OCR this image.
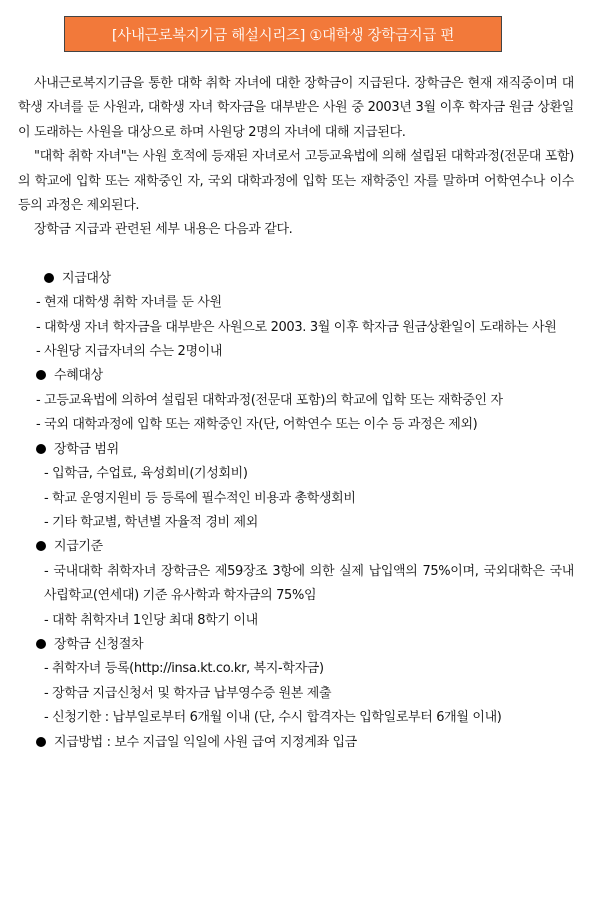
[사내근로복지기금 해설시리즈] ①대학생 장학금지급 편

사내근로복지기금을 통한 대학 취학 자녀에 대한 장학금이 지급된다. 장학금은 현재 재직중이며 대학생 자녀를 둔 사원과, 대학생 자녀 학자금을 대부받은 사원 중 2003년 3월 이후 학자금 원금 상환일이 도래하는 사원을 대상으로 하며 사원당 2명의 자녀에 대해 지급된다.

"대학 취학 자녀"는 사원 호적에 등재된 자녀로서 고등교육법에 의해 설립된 대학과정(전문대 포함)의 학교에 입학 또는 재학중인 자, 국외 대학과정에 입학 또는 재학중인 자를 말하며 어학연수나 이수 등의 과정은 제외된다.

장학금 지급과 관련된 세부 내용은 다음과 같다.

지급대상

- 현재 대학생 취학 자녀를 둔 사원

- 대학생 자녀 학자금을 대부받은 사원으로 2003. 3월 이후 학자금 원금상환일이 도래하는 사원

- 사원당 지급자녀의 수는 2명이내

수혜대상

- 고등교육법에 의하여 설립된 대학과정(전문대 포함)의 학교에 입학 또는 재학중인 자

- 국외 대학과정에 입학 또는 재학중인 자(단, 어학연수 또는 이수 등 과정은 제외)

장학금 범위

- 입학금, 수업료, 육성회비(기성회비)

- 학교 운영지원비 등 등록에 필수적인 비용과 총학생회비

- 기타 학교별, 학년별 자율적 경비 제외

지급기준

- 국내대학 취학자녀 장학금은 제59장조 3항에 의한 실제 납입액의 75%이며, 국외대학은 국내 사립학교(연세대) 기준 유사학과 학자금의 75%임

- 대학 취학자녀 1인당 최대 8학기 이내

장학금 신청절차

- 취학자녀 등록(http://insa.kt.co.kr, 복지-학자금)

- 장학금 지급신청서 및 학자금 납부영수증 원본 제출

- 신청기한 : 납부일로부터 6개월 이내 (단, 수시 합격자는 입학일로부터 6개월 이내)

지급방법 : 보수 지급일 익일에 사원 급여 지정계좌 입금
